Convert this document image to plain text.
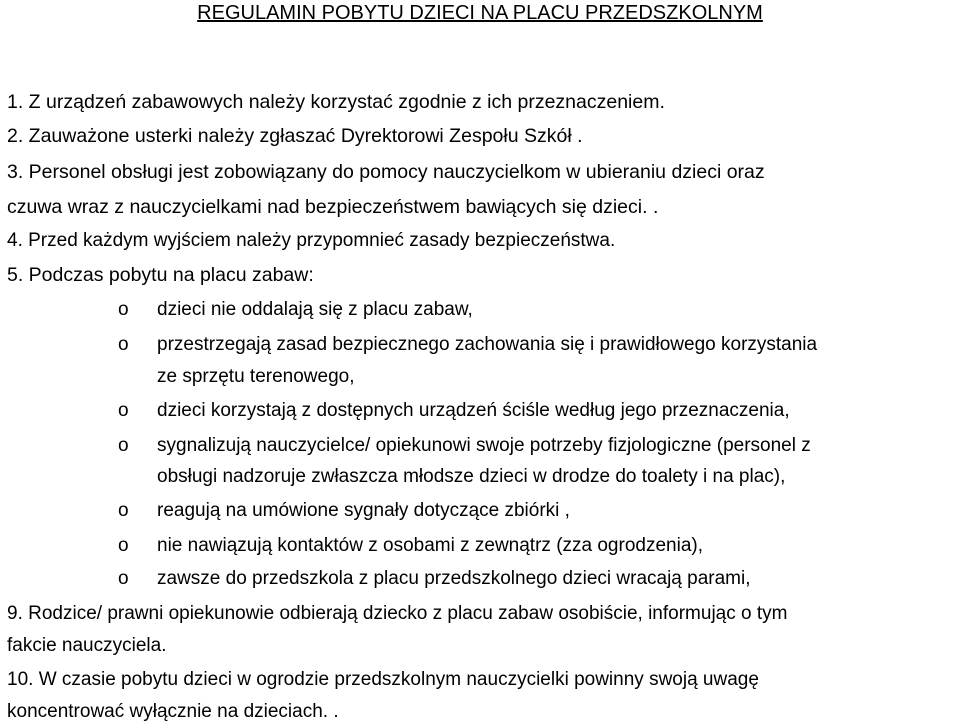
REGULAMIN POBYTU DZIECI NA PLACU PRZEDSZKOLNYM
1. Z urządzeń zabawowych należy korzystać zgodnie z ich przeznaczeniem.
2. Zauważone usterki należy zgłaszać Dyrektorowi Zespołu Szkół .
3. Personel obsługi jest zobowiązany do pomocy nauczycielkom w ubieraniu dzieci oraz
czuwa wraz z nauczycielkami nad bezpieczeństwem bawiących się dzieci. .
4. Przed każdym wyjściem należy przypomnieć zasady bezpieczeństwa.
5. Podczas pobytu na placu zabaw:
o dzieci nie oddalają się z placu zabaw,
o przestrzegają zasad bezpiecznego zachowania się i prawidłowego korzystania
ze sprzętu terenowego,
o dzieci korzystają z dostępnych urządzeń ściśle według jego przeznaczenia,
o sygnalizują nauczycielce/ opiekunowi swoje potrzeby fizjologiczne (personel z
obsługi nadzoruje zwłaszcza młodsze dzieci w drodze do toalety i na plac),
o reagują na umówione sygnały dotyczące zbiórki ,
o nie nawiązują kontaktów z osobami z zewnątrz (zza ogrodzenia),
o zawsze do przedszkola z placu przedszkolnego dzieci wracają parami,
9. Rodzice/ prawni opiekunowie odbierają dziecko z placu zabaw osobiście, informując o tym
fakcie nauczyciela.
10. W czasie pobytu dzieci w ogrodzie przedszkolnym nauczycielki powinny swoją uwagę
koncentrować wyłącznie na dzieciach. .
